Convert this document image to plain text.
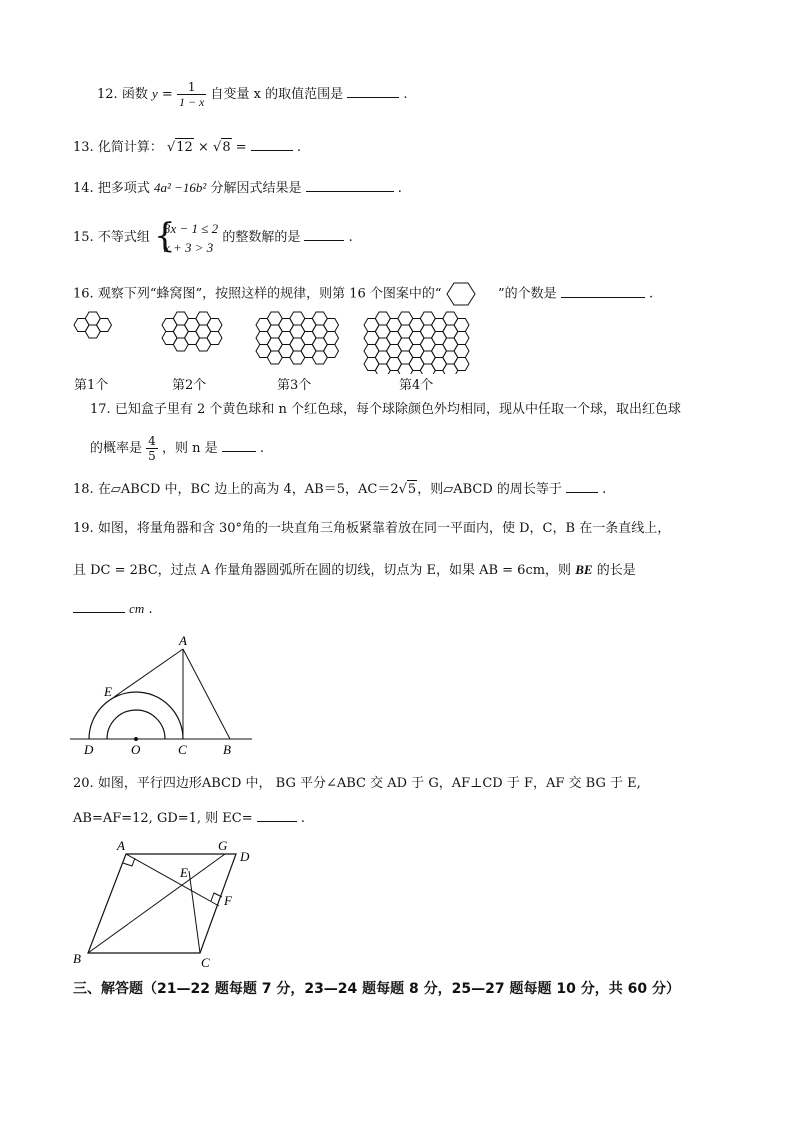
12. 函数 $y = \frac{1}{1 - x}$ 自变量 x 的取值范围是	.
13. 化简计算： √12 × √8 =	.
14. 把多项式 4a² −16b² 分解因式结果是	.
15. 不等式组 {
3x − 1 ≤ 2
x + 3 > 3
的整数解的是	.
16. 观察下列“蜂窝图”，按照这样的规律，则第 16 个图案中的“	”的个数是	.
第1个	第2个	第3个	第4个
17. 已知盒子里有 2 个黄色球和 n 个红色球，每个球除颜色外均相同，现从中任取一个球，取出红色球
的概率是 $\frac{4}{5}$ ，则 n 是	.
18. 在▱ABCD 中，BC 边上的高为 4，AB＝5，AC＝2√5，则▱ABCD 的周长等于	.
19. 如图，将量角器和含 30°角的一块直角三角板紧靠着放在同一平面内，使 D，C，B 在一条直线上，
且 DC = 2BC，过点 A 作量角器圆弧所在圆的切线，切点为 E，如果 AB = 6cm，则 BE 的长是
cm .
A
E
D	O	C	B
20. 如图，平行四边形ABCD 中， BG 平分∠ABC 交 AD 于 G，AF⊥CD 于 F，AF 交 BG 于 E,
AB=AF=12, GD=1, 则 EC=	.
A	G
D
E
F
B	C
三、解答题（21—22 题每题 7 分，23—24 题每题 8 分，25—27 题每题 10 分，共 60 分）
